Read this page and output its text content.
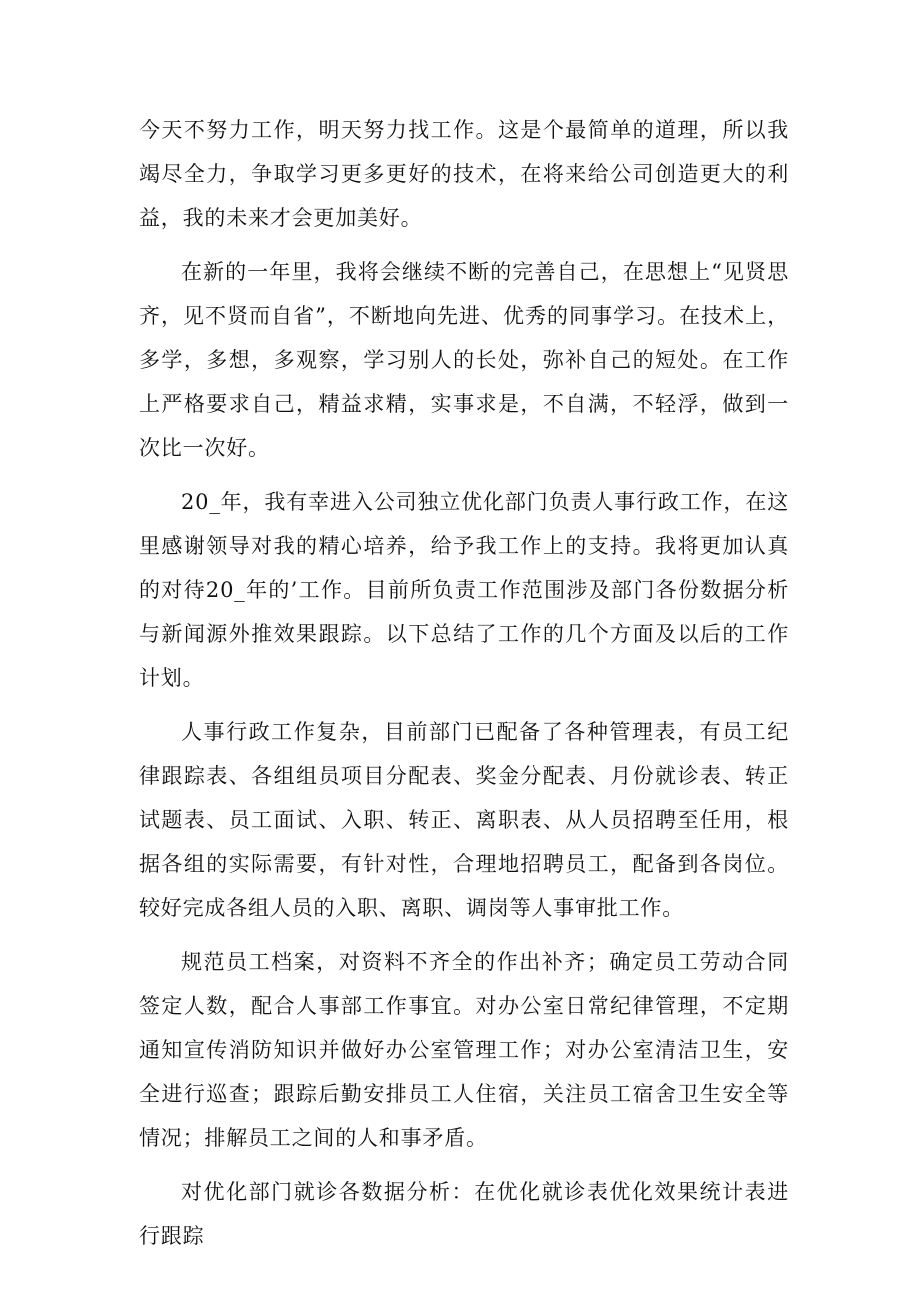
今天不努力工作，明天努力找工作。这是个最简单的道理，所以我竭尽全力，争取学习更多更好的技术，在将来给公司创造更大的利益，我的未来才会更加美好。

在新的一年里，我将会继续不断的完善自己，在思想上“见贤思齐，见不贤而自省”，不断地向先进、优秀的同事学习。在技术上，多学，多想，多观察，学习别人的长处，弥补自己的短处。在工作上严格要求自己，精益求精，实事求是，不自满，不轻浮，做到一次比一次好。

20_年，我有幸进入公司独立优化部门负责人事行政工作，在这里感谢领导对我的精心培养，给予我工作上的支持。我将更加认真的对待20_年的’工作。目前所负责工作范围涉及部门各份数据分析与新闻源外推效果跟踪。以下总结了工作的几个方面及以后的工作计划。

人事行政工作复杂，目前部门已配备了各种管理表，有员工纪律跟踪表、各组组员项目分配表、奖金分配表、月份就诊表、转正试题表、员工面试、入职、转正、离职表、从人员招聘至任用，根据各组的实际需要，有针对性，合理地招聘员工，配备到各岗位。较好完成各组人员的入职、离职、调岗等人事审批工作。

规范员工档案，对资料不齐全的作出补齐；确定员工劳动合同签定人数，配合人事部工作事宜。对办公室日常纪律管理，不定期通知宣传消防知识并做好办公室管理工作；对办公室清洁卫生，安全进行巡查；跟踪后勤安排员工人住宿，关注员工宿舍卫生安全等情况；排解员工之间的人和事矛盾。

对优化部门就诊各数据分析：在优化就诊表优化效果统计表进行跟踪
